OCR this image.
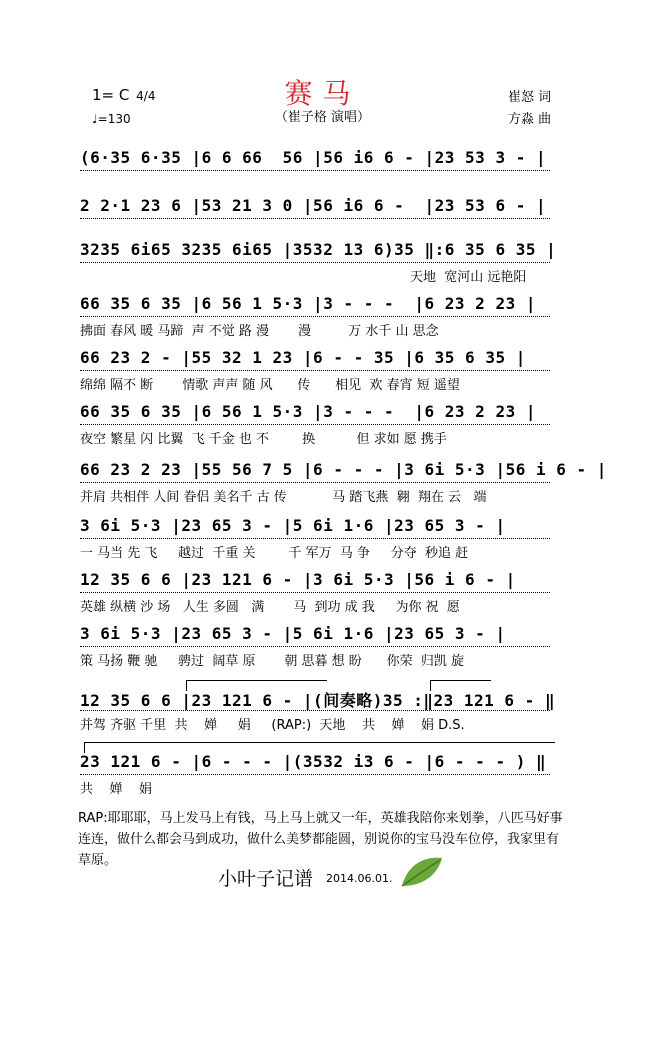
赛马
（崔子格 演唱）
1= C 4/4
♩=130
崔怒 词
方淼 曲
(6·35 6·35 |6 6 66  56 |56 i6 6 - |23 53 3 - |
2 2·1 23 6 |53 21 3 0 |56 i6 6 -  |23 53 6 - |
3235 6i65 3235 6i65 |3532 13 6)35 ‖:6 35 6 35 |
天地  宽河山 远艳阳
66 35 6 35 |6 56 1 5·3 |3 - - -  |6 23 2 23 |
拂面 春风 暖 马蹄  声 不觉 路 漫       漫         万 水千 山 思念
66 23 2 - |55 32 1 23 |6 - - 35 |6 35 6 35 |
绵绵 隔不 断       情歌 声声 随 风      传      相见  欢 春宵 短 遥望
66 35 6 35 |6 56 1 5·3 |3 - - -  |6 23 2 23 |
夜空 繁星 闪 比翼  飞 千金 也 不        换          但 求如 愿 携手
66 23 2 23 |55 56 7 5 |6 - - - |3 6i 5·3 |56 i 6 - |
并肩 共相伴 人间 眷侣 美名千 古 传           马 踏飞燕  翱  翔在 云   端
3 6i 5·3 |23 65 3 - |5 6i 1·6 |23 65 3 - |
一 马当 先 飞     越过  千重 关        千 军万  马 争     分夺  秒追 赶
12 35 6 6 |23 121 6 - |3 6i 5·3 |56 i 6 - |
英雄 纵横 沙 场   人生 多圆   满       马  到功 成 我     为你 祝  愿
3 6i 5·3 |23 65 3 - |5 6i 1·6 |23 65 3 - |
策 马扬 鞭 驰     骋过  阔草 原       朝 思暮 想 盼      你荣  归凯 旋
12 35 6 6 |23 121 6 - |(间奏略)35 :‖23 121 6 - ‖
并驾 齐驱 千里  共    婵     娟     (RAP:)  天地    共    婵    娟 D.S.
23 121 6 - |6 - - - |(3532 i3 6 - |6 - - - ) ‖
共    婵    娟
RAP:耶耶耶，马上发马上有钱，马上马上就又一年，英雄我陪你来划拳，八匹马好事连连，做什么都会马到成功，做什么美梦都能圆，别说你的宝马没车位停，我家里有草原。
小叶子记谱 2014.06.01.
